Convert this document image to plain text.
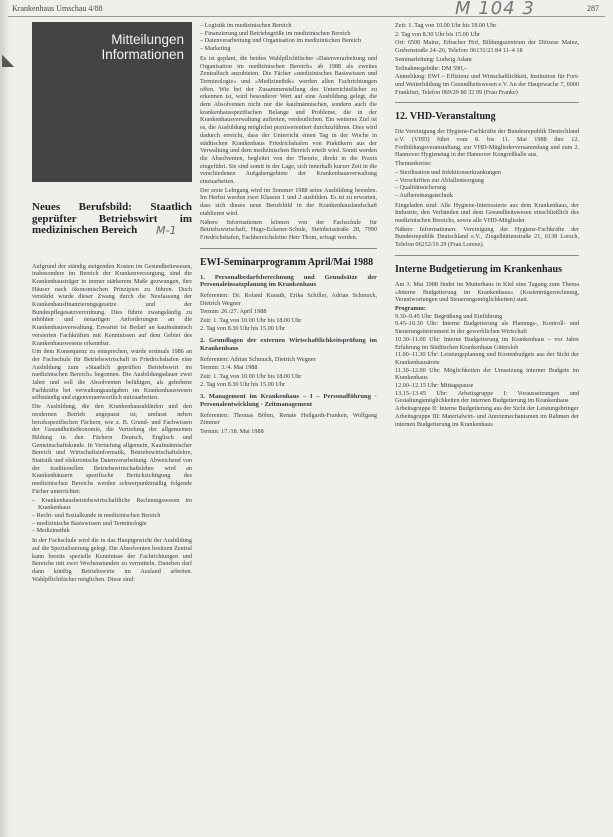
◣
Krankenhaus Umschau 4/88	M 104 3	287
Mitteilungen
Informationen
Neues Berufsbild: Staatlich geprüfter Betriebswirt im medizinischen Bereich

Aufgrund der ständig steigenden Kosten im Gesundheitswesen, insbesondere im Bereich der Krankenversorgung, sind die Krankenhausträger in immer stärkerem Maße gezwungen, ihre Häuser nach ökonomischen Prinzipien zu führen. Doch verstärkt wurde dieser Zwang durch die Neufassung der Krankenhausfinanzierungsgesetze und der Bundespflegesatzverordnung. Dies führte zwangsläufig zu erhöhten und neuartigen Anforderungen an die Krankenhausverwaltung. Erwartet ist Bedarf an kaufmännisch versierten Fachkräften mit Kenntnissen auf dem Gebiet des Krankenhauswesens erkennbar.

Um dem Konsequenz zu entsprechen, wurde erstmals 1986 an der Fachschule für Betriebswirtschaft in Friedrichshafen eine Ausbildung zum »Staatlich geprüften Betriebswirt im medizinischen Bereich« begonnen. Die Ausbildungsdauer zwei Jahre und soll die Absolventen befähigen, als gehobene Fachkräfte bei verwaltungsaufgaben im Krankenhauswesen selbständig und eigenverantwortlich mitzuarbeiten.

Die Ausbildung, die den Krankenhausabläufen und den modernen Betrieb angepasst ist, umfasst neben berufsspezifischen Fächern, wie z. B. Grund- und Fachwissen der Gesundheitsökonomie, die Vertiefung der allgemeinen Bildung in den Fächern Deutsch, Englisch und Gemeinschaftskunde. In Vertiefung allgemein, Kaufmännischer Bereich und Wirtschaftsinformatik, Betriebswirtschaftslehre, Statistik und elektronische Datenverarbeitung. Abweichend von der traditionellen Betriebswirtschaftslehre wird an Krankenhäusern spezifische Berücksichtigung des medizinischen Bereichs werden schwerpunktmäßig folgende Fächer unterrichtet:

– Krankenhausbetriebswirtschaftliche Rechnungswesen im Krankenhaus
– Recht- und Sozialkunde in medizinischen Bereich
– medizinische Basiswissen und Terminologie
– Medizinethik

In der Fachschule wird die in das Hauptgewicht der Ausbildung auf die Spezialisierung gelegt. Die Absolventen besitzen Zentral kann bereits spezielle Kenntnisse der Fachrichtungen und Bereiche mit zwei Wochenstunden zu vermitteln. Daneben darf dann künftig Betriebswirte im Ausland arbeiten. Wahlpflichtfächer möglichen. Diese sind:

M-1
– Logistik im medizinischen Bereich
– Finanzierung und Betriebsgröße im medizinischen Bereich
– Datenverarbeitung und Organisation im medizinischen Bereich
– Marketing

Es ist geplant, die beiden Wahlpflichtfächer »Datenverarbeitung und Organisation im medizinischen Bereich« ab 1988 als zweites Zentralfach anzubieten. Die Fächer »medizinisches Basiswissen und Terminologie« und »Medizinethik« werden allen Fachrichtungen offen. Wie bei der Zusammenstellung des Unterrichtsfächer zu erkennen ist, wird besonderer Wert auf eine Ausbildung gelegt, die dem Absolventen nicht nur die kaufmännischen, sondern auch die krankenhausspezifischen Belange und Probleme, die in der Krankenhausverwaltung auftreten, verdeutlichen. Ein weiteres Ziel ist es, die Ausbildung möglichst praxisorientiert durchzuführen. Dies wird dadurch erreicht, dass der Unterricht einen Tag in der Woche in städtischen Krankenhaus Friedrichshafen von Praktikern aus der Verwaltung und dem medizinischen Bereich erteilt wird. Somit werden die Absolventen, begleitet von der Theorie, direkt in die Praxis eingeführt. Sie sind somit in der Lage, sich innerhalb kurzer Zeit in die verschiedenen Aufgabengebiete der Krankenhausverwaltung einzuarbeiten.

Der erste Lehrgang wird im Sommer 1988 seine Ausbildung beenden. Im Herbst werden zwei Klassen 1 und 2 ausbilden. Es ist zu erwarten, dass sich dieses neue Berufsbild in der Krankenhauslandschaft etablieren wird.

Nähere Informationen können von der Fachschule für Betriebswirtschaft, Hugo-Eckener-Schule, Steinbeisstraße 28, 7990 Friedrichshafen, Fachbereichsleiter Herr Thom, erfragt werden.

EWI-Seminarprogramm April/Mai 1988
1. Personalbedarfsberechnung und Grundsätze der Personaleinsatzplanung im Krankenhaus

Referenten: Dr. Roland Kunath, Erika Schiller, Adrian Schmuck, Dietrich Wegner

Termin: 26./27. April 1988

Zeit: 1. Tag von 10.00 Uhr bis 18.00 Uhr

2. Tag von 8.30 Uhr bis 15.00 Uhr

2. Grundlagen der externen Wirtschaftlichkeitsprüfung im Krankenhaus

Referenten: Adrian Schmuck, Dietrich Wegner

Termin: 3./4. Mai 1988

Zeit: 1. Tag von 10.00 Uhr bis 18.00 Uhr

2. Tag von 8.30 Uhr bis 15.00 Uhr

3. Management im Krankenhaus – I – Personalführung · Personalentwicklung · Zeitmanagement

Referenten: Thomas Böhm, Renate Heilgardt-Franken, Wolfgang Zimmer

Termin: 17./18. Mai 1988

Zeit: 1. Tag von 10.00 Uhr bis 18.00 Uhr

2. Tag von 8.30 Uhr bis 15.00 Uhr

Ort: 6500 Mainz, Erbacher Hof, Bildungszentrum der Diözese Mainz, Grebenstraße 24–26, Telefon: 06131/23 84 11–4 18

Seminarleitung: Ludwig Adam

Teilnahmegebühr: DM 590,–

Anmeldung: EWI – Effizienz und Wirtschaftlichkeit, Institution für Fort- und Weiterbildung im Gesundheitswesen e.V. An der Hauptwache 7, 6000 Frankfurt, Telefon 069/29 80 32 99 (Frau Franke)

12. VHD-Veranstaltung

Die Vereinigung der Hygiene-Fachkräfte der Bundesrepublik Deutschland e.V. (VHD) führt vom 8. bis 11. Mai 1988 ihre 12. Fortbildungsveranstaltung, zur VHD-Mitgliederversammlung und zum 2. Hannover Hygienetag in der Hannover Kongreßhalle aus.

Themenkreise:

– Sterilisation und Infektionserkrankungen
– Vorschriften zur Abfallentsorgung
– Qualitätssicherung
– Aufbereitungstechnik

Eingeladen sind: Alle Hygiene-Interessierte aus dem Krankenhaus, der Industrie, den Verbänden und dem Gesundheitswesen einschließlich des medizinischen Bereichs, sowie alle VHD-Mitglieder.

Nähere Informationen: Vereinigung der Hygiene-Fachkräfte der Bundesrepublik Deutschland e.V., Ziegelhüttenstraße 21, 6138 Lorsch, Telefon 06252/16 29 (Frau Lorenz).

Interne Budgetierung im Krankenhaus

Am 3. Mai 1988 findet im Mutterhaus in Kiel eine Tagung zum Thema »Interne Budgetierung im Krankenhaus« (Kostenträgerrechnung, Verantwortungen und Steuerungsmöglichkeiten) statt.

Programm:

9.30–9.45 Uhr: Begrüßung und Einführung

9.45–10.30 Uhr: Interne Budgetierung als Planungs-, Kontroll- und Steuerungsinstrument in der gewerblichen Wirtschaft

10.30–11.00 Uhr: Interne Budgetierung im Krankenhaus – vor Jahre Erfahrung im Städtischen Krankenhaus Gütersloh

11.00–11.30 Uhr: Leistungsplanung und Kostenbudgets aus der Sicht der Krankenhausärzte

11.30–12.00 Uhr: Möglichkeiten der Umsetzung interner Budgets im Krankenhaus

12.00–12.15 Uhr: Mittagspause

13.15–13.45 Uhr: Arbeitsgruppe I: Voraussetzungen und Gestaltungsmöglichkeiten der internen Budgetierung im Krankenhaus

Arbeitsgruppe II: Interne Budgetierung aus der Sicht der Leistungsbringer

Arbeitsgruppe III: Materialwirt- und Anreizmechanismen im Rahmen der internen Budgetierung im Krankenhaus
